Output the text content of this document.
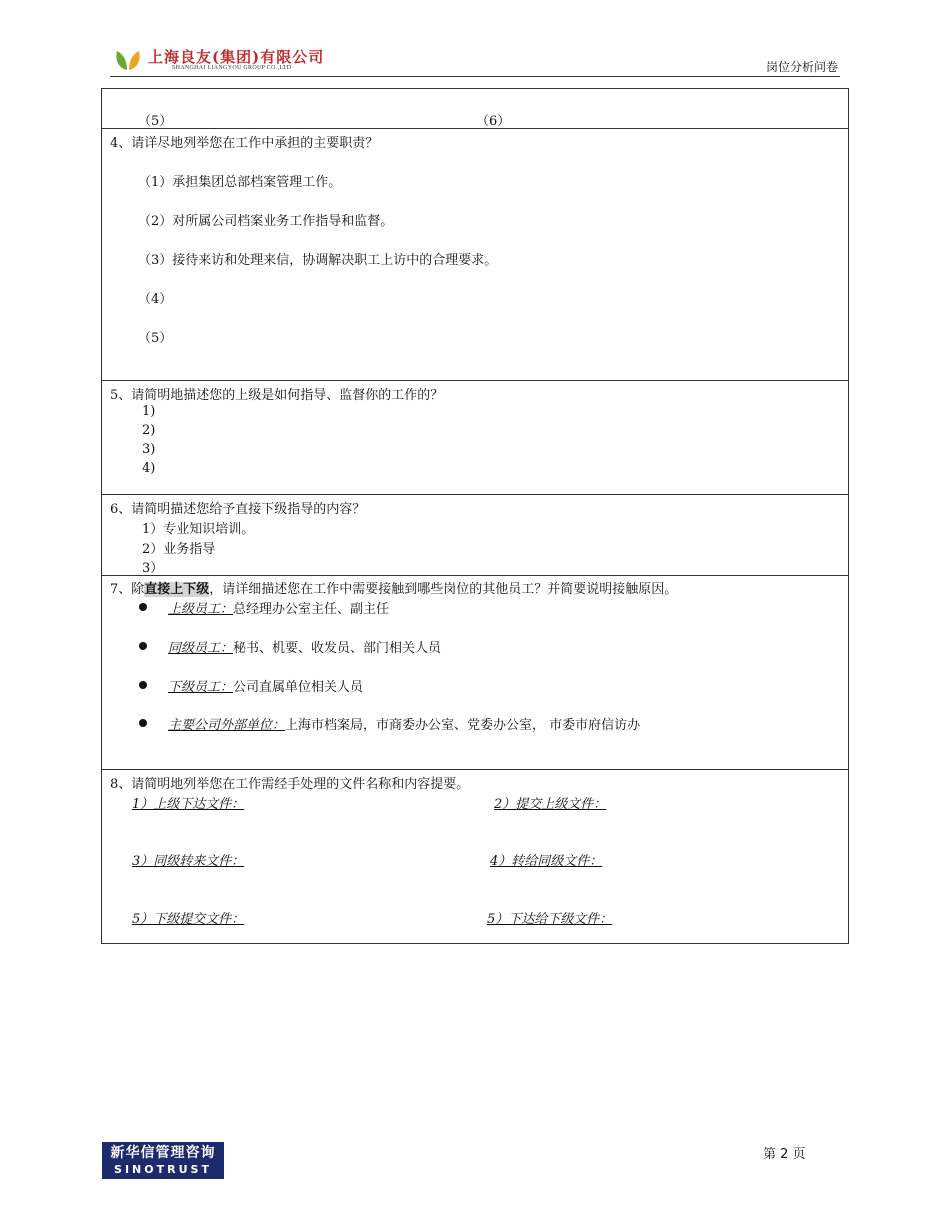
上海良友(集团)有限公司
SHANGHAI LIANGYOU GROUP CO.,LTD	岗位分析问卷
（5）	（6）
4、请详尽地列举您在工作中承担的主要职责？
（1）承担集团总部档案管理工作。
（2）对所属公司档案业务工作指导和监督。
（3）接待来访和处理来信，协调解决职工上访中的合理要求。
（4）
（5）
5、请简明地描述您的上级是如何指导、监督你的工作的？
1)
2)
3)
4)
6、请简明描述您给予直接下级指导的内容？
1）专业知识培训。
2）业务指导
3）
7、除直接上下级，请详细描述您在工作中需要接触到哪些岗位的其他员工？并简要说明接触原因。
上级员工：总经理办公室主任、副主任
同级员工：秘书、机要、收发员、部门相关人员
下级员工：公司直属单位相关人员
主要公司外部单位：上海市档案局，市商委办公室、党委办公室， 市委市府信访办
8、请简明地列举您在工作需经手处理的文件名称和内容提要。
1）上级下达文件：	2）提交上级文件：
3）同级转来文件：	4）转给同级文件：
5）下级提交文件：	5）下达给下级文件：
新华信管理咨询
SINOTRUST
第 2 页
